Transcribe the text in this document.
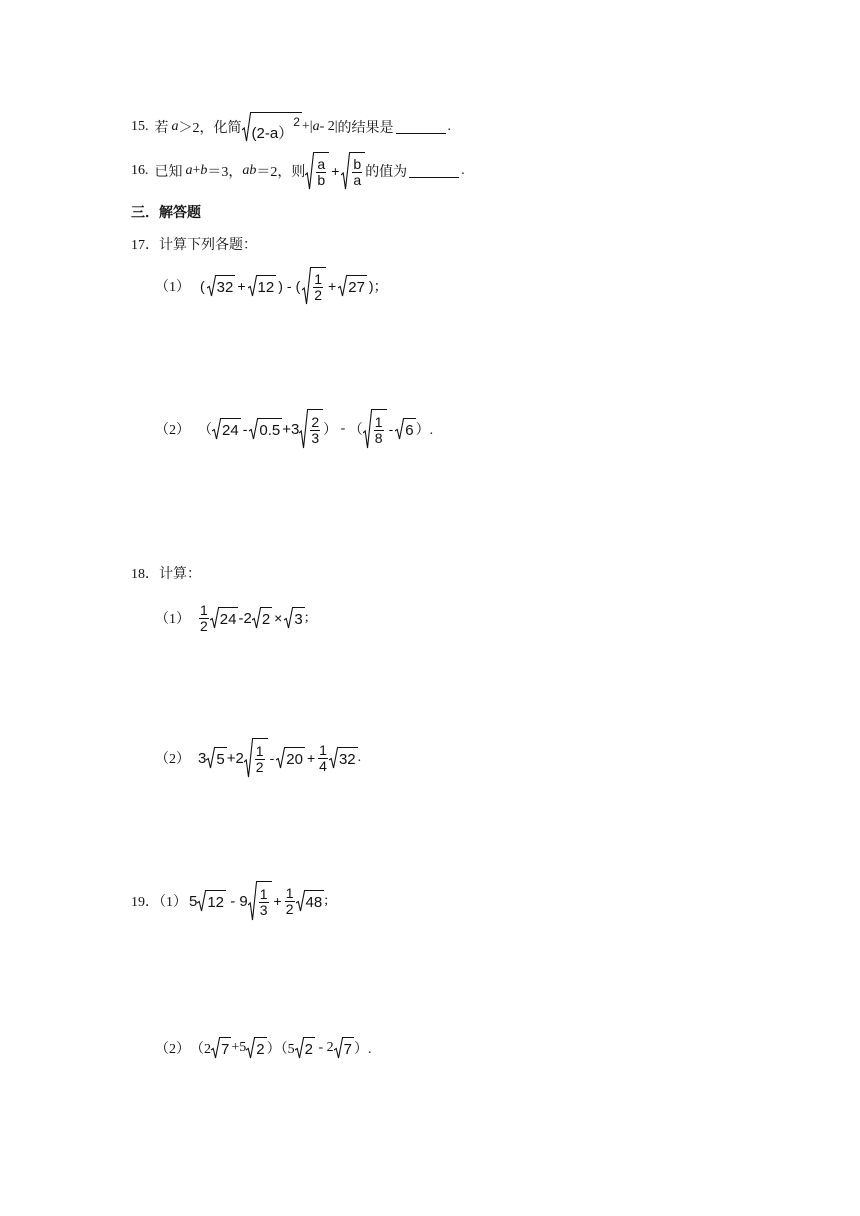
15. 若 a ＞2，化简 (2-a）
2 +| a - 2| 的结果是	.
16. 已知 a + b ＝3， ab ＝2，则 $\frac{a}{b} + \frac{b}{a}$ 的值为	.
三．解答题
17．计算下列各题：
（1） ( 32 + 12 ) - ( $\frac{1}{2} + 27$ )；
（2） （ $24 - 0.5 +3 \frac{2}{3}$ ） - （ $\frac{1}{8} - 6$ ）.
18．计算：
$(1) \frac{1}{2} 24$ -2 2 × 3 ;
（2） 3 $5 +2 \frac{1}{2} - 20 + \frac{1}{4} 32$ .
19．（1） 5 $12 - 9 \frac{1}{3} + \frac{1}{2} 48$ ;
（2） （2 7 +5 2 ）（5 2 - 2 7 ）.
